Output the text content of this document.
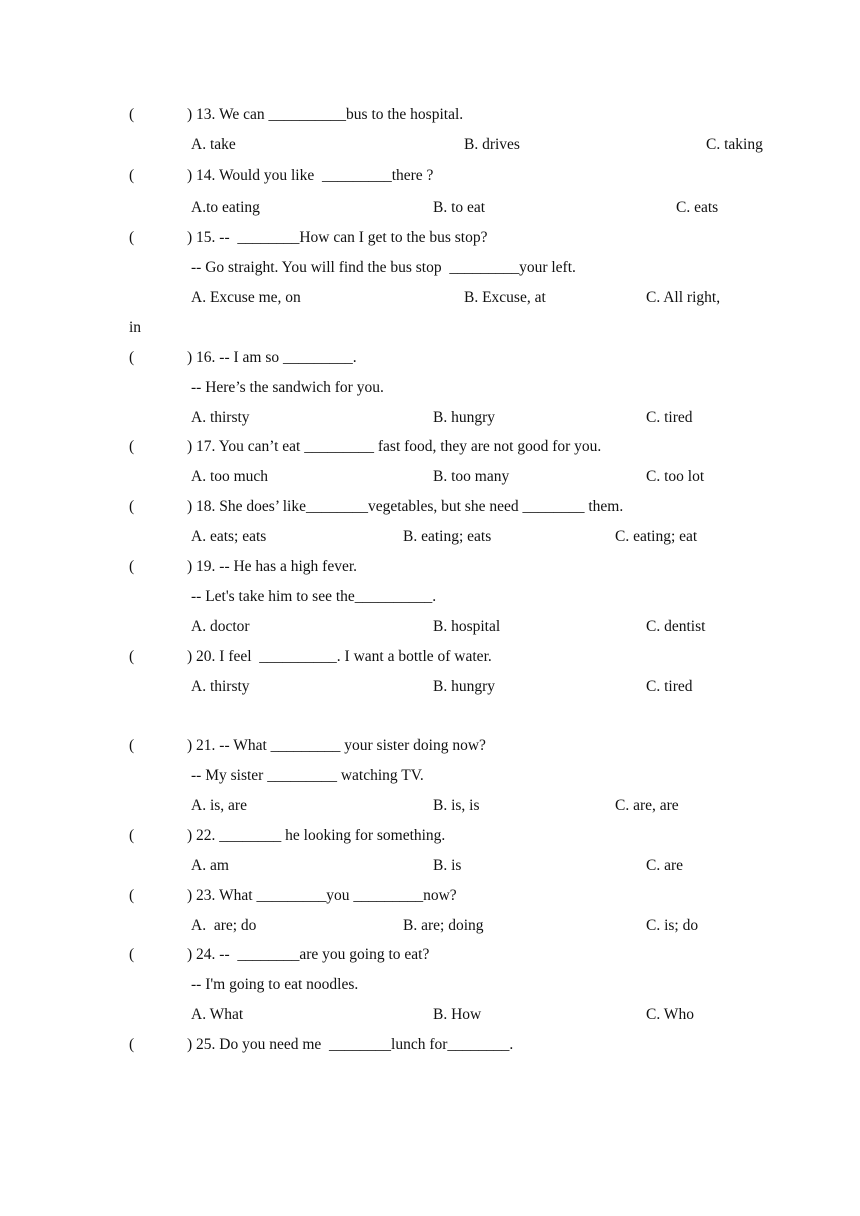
(	) 13. We can __________bus to the hospital.
A. take	B. drives	C. taking
(	) 14. Would you like  _________there ?
A.to eating	B. to eat	C. eats
(	) 15. --  ________How can I get to the bus stop?
-- Go straight. You will find the bus stop  _________your left.
A. Excuse me, on	B. Excuse, at	C. All right,
in
(	) 16. -- I am so _________.
-- Here’s the sandwich for you.
A. thirsty	B. hungry	C. tired
(	) 17. You can’t eat _________ fast food, they are not good for you.
A. too much	B. too many	C. too lot
(	) 18. She does’ like________vegetables, but she need ________ them.
A. eats; eats	B. eating; eats	C. eating; eat
(	) 19. -- He has a high fever.
-- Let's take him to see the__________.
A. doctor	B. hospital	C. dentist
(	) 20. I feel  __________. I want a bottle of water.
A. thirsty	B. hungry	C. tired
(	) 21. -- What _________ your sister doing now?
-- My sister _________ watching TV.
A. is, are	B. is, is	C. are, are
(	) 22. ________ he looking for something.
A. am	B. is	C. are
(	) 23. What _________you _________now?
A.  are; do	B. are; doing	C. is; do
(	) 24. --  ________are you going to eat?
-- I'm going to eat noodles.
A. What	B. How	C. Who
(	) 25. Do you need me  ________lunch for________.
